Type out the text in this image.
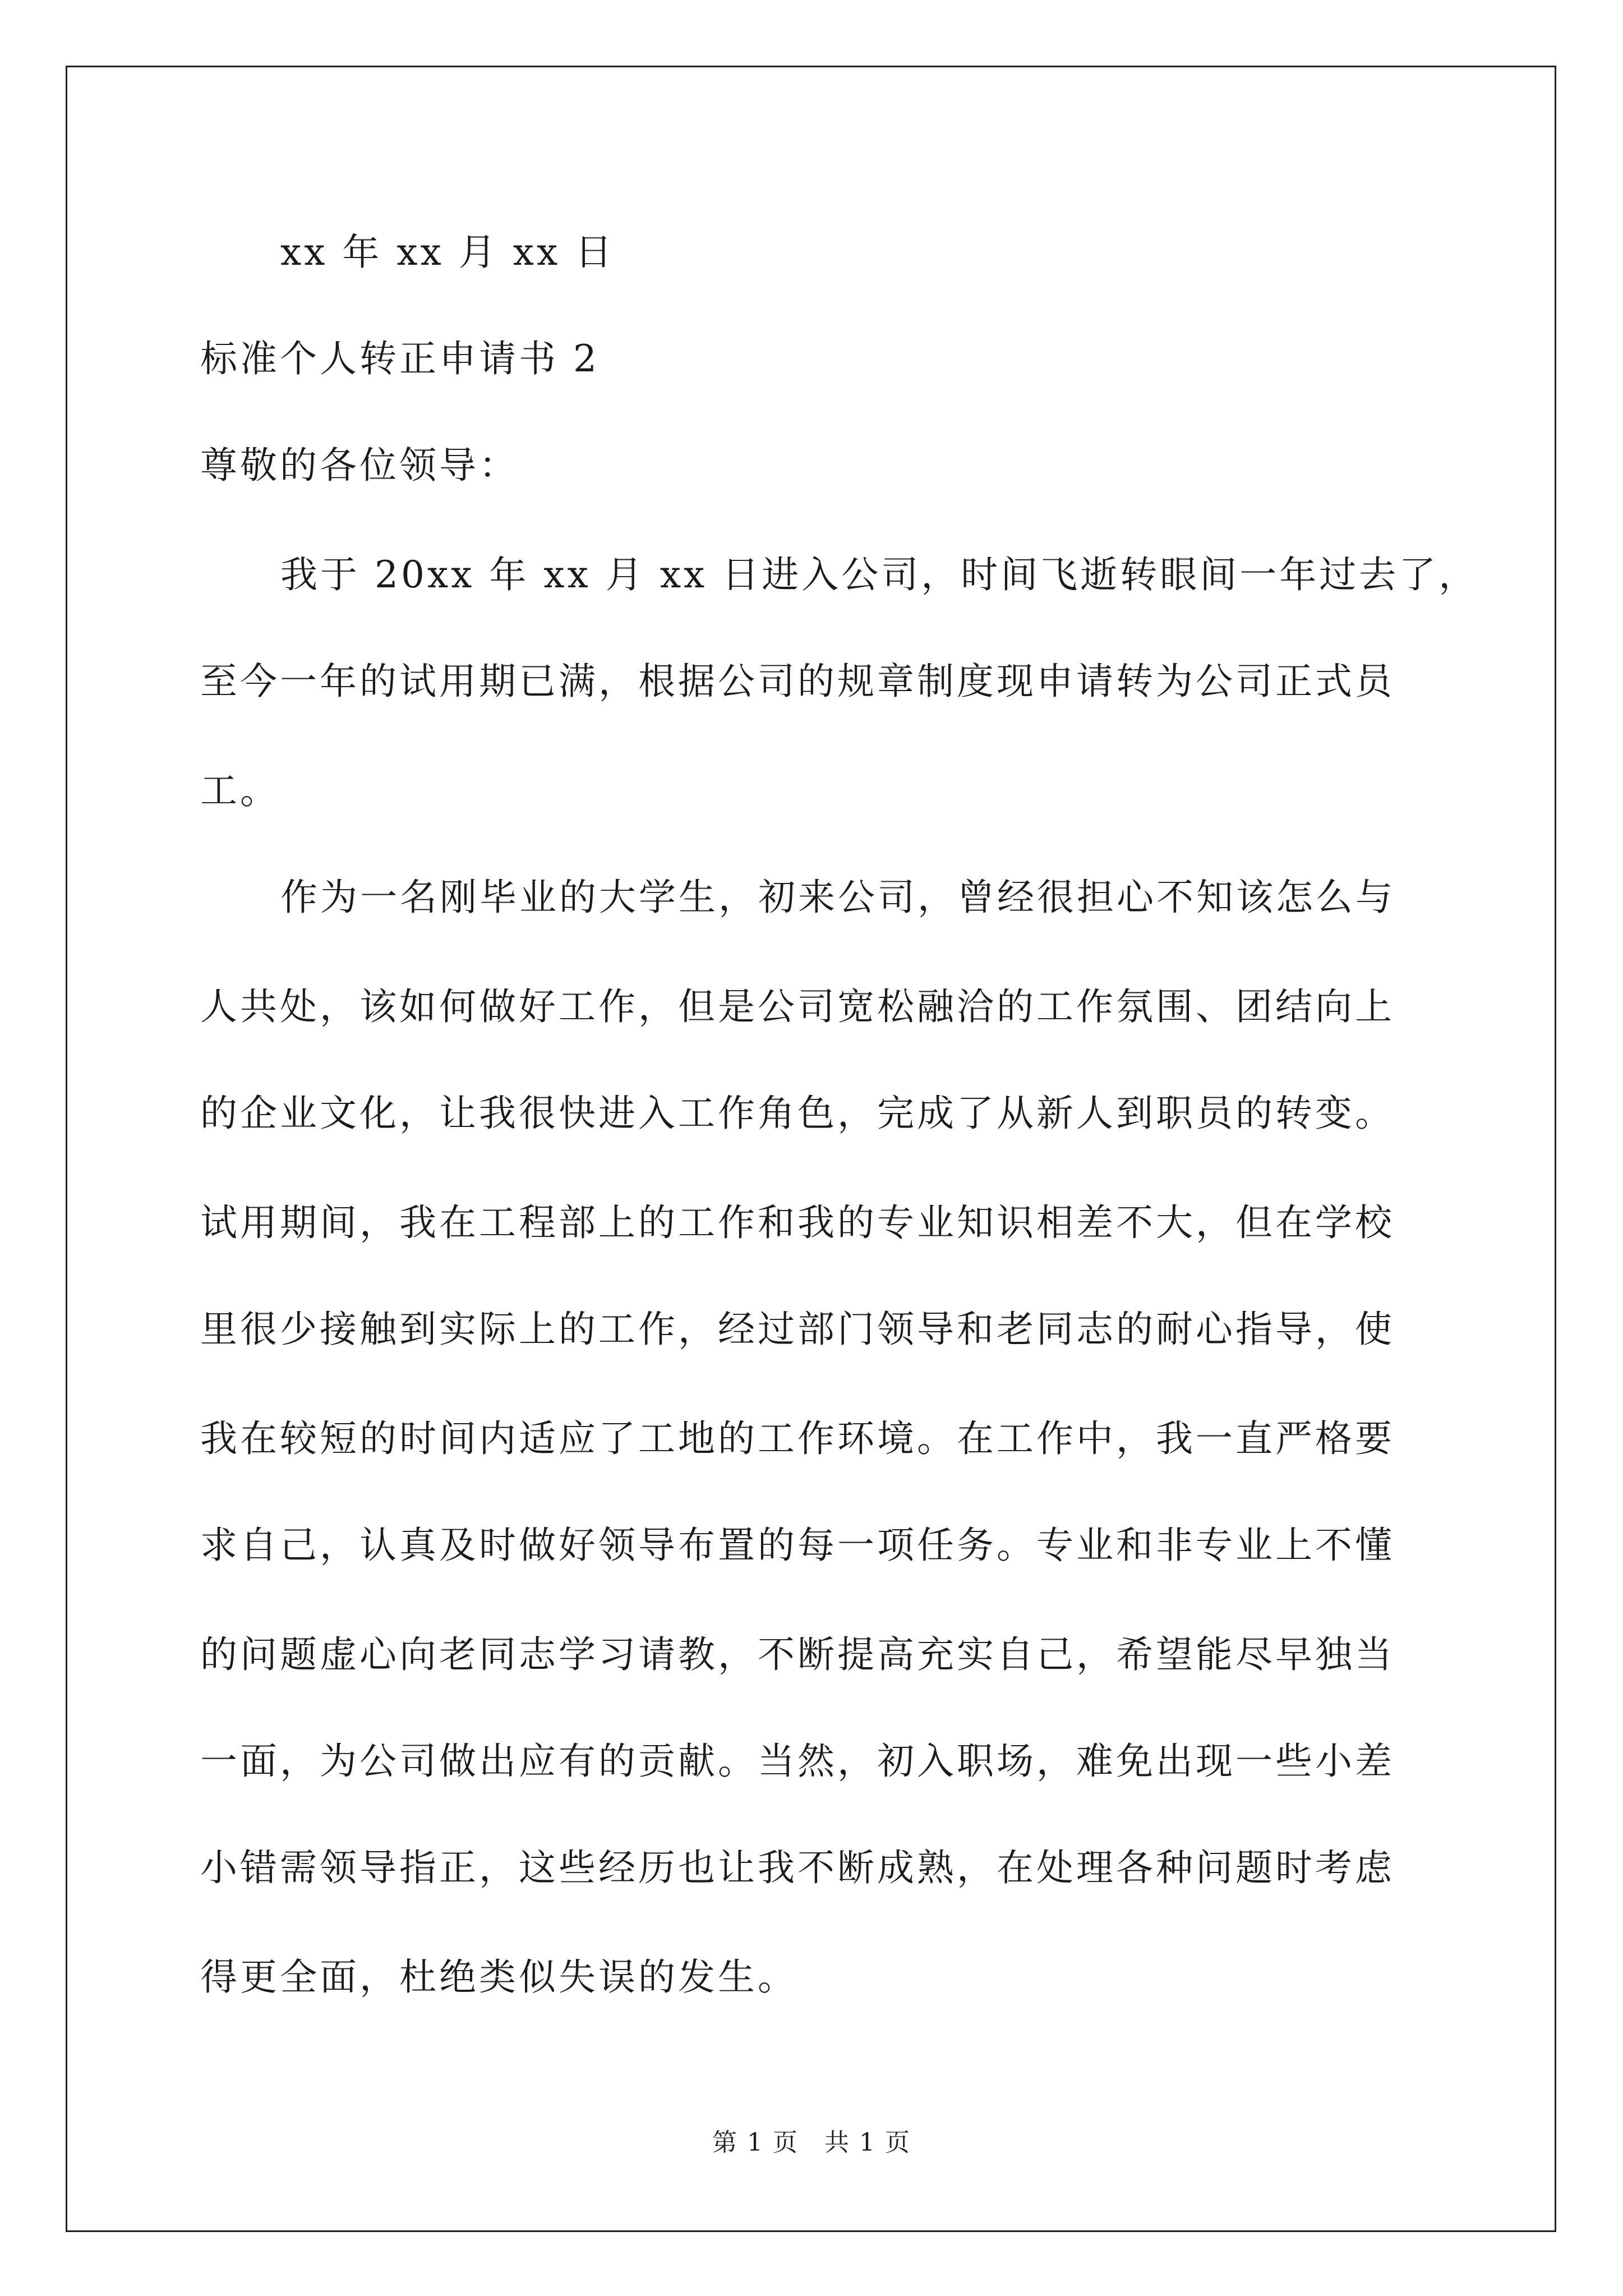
xx 年 xx 月 xx 日
标准个人转正申请书 2
尊敬的各位领导：
我于 20xx 年 xx 月 xx 日进入公司，时间飞逝转眼间一年过去了，
至今一年的试用期已满，根据公司的规章制度现申请转为公司正式员
工。
作为一名刚毕业的大学生，初来公司，曾经很担心不知该怎么与
人共处，该如何做好工作，但是公司宽松融洽的工作氛围、团结向上
的企业文化，让我很快进入工作角色，完成了从新人到职员的转变。
试用期间，我在工程部上的工作和我的专业知识相差不大，但在学校
里很少接触到实际上的工作，经过部门领导和老同志的耐心指导，使
我在较短的时间内适应了工地的工作环境。在工作中，我一直严格要
求自己，认真及时做好领导布置的每一项任务。专业和非专业上不懂
的问题虚心向老同志学习请教，不断提高充实自己，希望能尽早独当
一面，为公司做出应有的贡献。当然，初入职场，难免出现一些小差
小错需领导指正，这些经历也让我不断成熟，在处理各种问题时考虑
得更全面，杜绝类似失误的发生。
第 1 页　共 1 页
